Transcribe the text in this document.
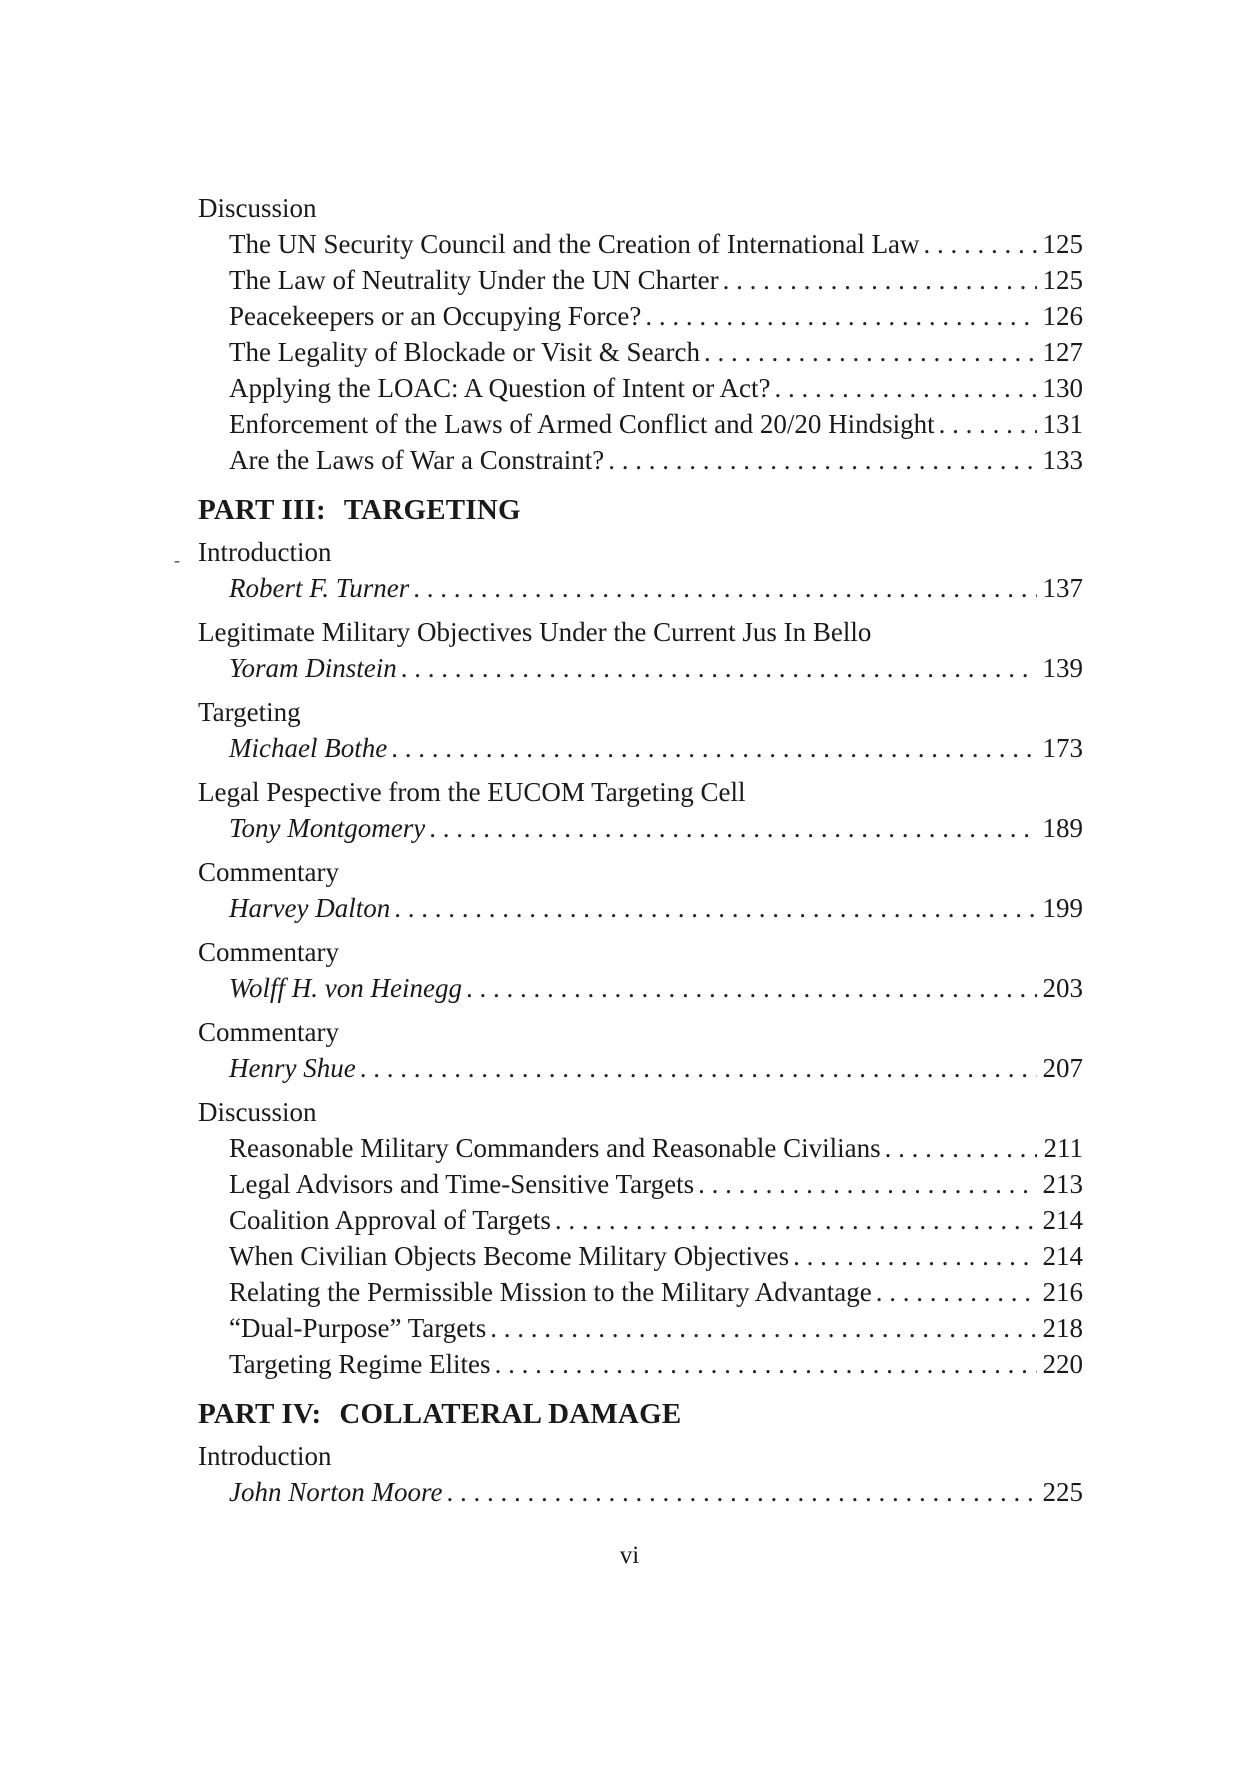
Discussion
The UN Security Council and the Creation of International Law . . .	125
The Law of Neutrality Under the UN Charter . . .	125
Peacekeepers or an Occupying Force? . . .	126
The Legality of Blockade or Visit & Search . . .	127
Applying the LOAC: A Question of Intent or Act? . . .	130
Enforcement of the Laws of Armed Conflict and 20/20 Hindsight . . .	131
Are the Laws of War a Constraint? . . .	133
PART III: TARGETING
Introduction
Robert F. Turner . . .	137
Legitimate Military Objectives Under the Current Jus In Bello
Yoram Dinstein . . .	139
Targeting
Michael Bothe . . .	173
Legal Pespective from the EUCOM Targeting Cell
Tony Montgomery . . .	189
Commentary
Harvey Dalton . . .	199
Commentary
Wolff H. von Heinegg . . .	203
Commentary
Henry Shue . . .	207
Discussion
Reasonable Military Commanders and Reasonable Civilians . . .	211
Legal Advisors and Time-Sensitive Targets . . .	213
Coalition Approval of Targets . . .	214
When Civilian Objects Become Military Objectives . . .	214
Relating the Permissible Mission to the Military Advantage . . .	216
“Dual-Purpose” Targets . . .	218
Targeting Regime Elites . . .	220
PART IV: COLLATERAL DAMAGE
Introduction
John Norton Moore . . .	225
-
vi
